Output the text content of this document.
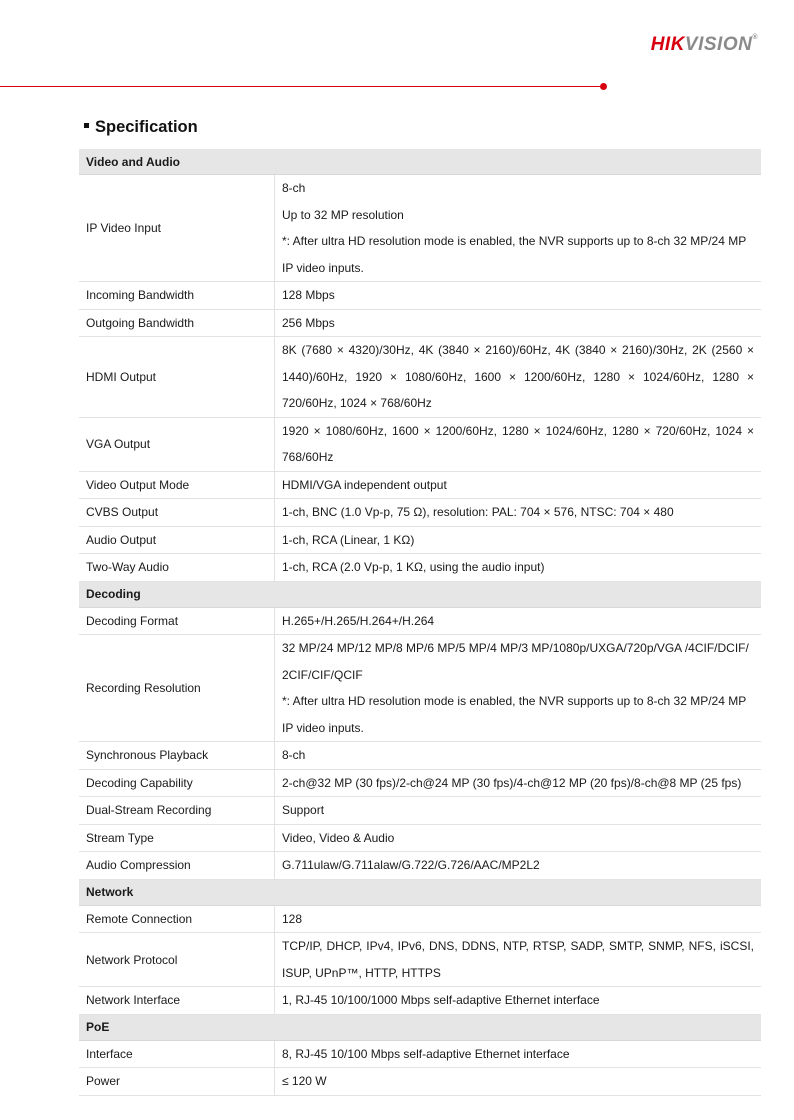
HIKVISION®
Specification
Video and Audio	
IP Video Input	8-ch
Up to 32 MP resolution
*: After ultra HD resolution mode is enabled, the NVR supports up to 8-ch 32 MP/24 MP IP video inputs.

Incoming Bandwidth	128 Mbps
Outgoing Bandwidth	256 Mbps
HDMI Output	8K (7680 × 4320)/30Hz, 4K (3840 × 2160)/60Hz, 4K (3840 × 2160)/30Hz, 2K (2560 × 1440)/60Hz, 1920 × 1080/60Hz, 1600 × 1200/60Hz, 1280 × 1024/60Hz, 1280 × 720/60Hz, 1024 × 768/60Hz
VGA Output	1920 × 1080/60Hz, 1600 × 1200/60Hz, 1280 × 1024/60Hz, 1280 × 720/60Hz, 1024 × 768/60Hz
Video Output Mode	HDMI/VGA independent output
CVBS Output	1-ch, BNC (1.0 Vp-p, 75 Ω), resolution: PAL: 704 × 576, NTSC: 704 × 480
Audio Output	1-ch, RCA (Linear, 1 KΩ)
Two-Way Audio	1-ch, RCA (2.0 Vp-p, 1 KΩ, using the audio input)
Decoding	
Decoding Format	H.265+/H.265/H.264+/H.264
Recording Resolution	32 MP/24 MP/12 MP/8 MP/6 MP/5 MP/4 MP/3 MP/1080p/UXGA/720p/VGA /4CIF/DCIF/
2CIF/CIF/QCIF
*: After ultra HD resolution mode is enabled, the NVR supports up to 8-ch 32 MP/24 MP IP video inputs.

Synchronous Playback	8-ch
Decoding Capability	2-ch@32 MP (30 fps)/2-ch@24 MP (30 fps)/4-ch@12 MP (20 fps)/8-ch@8 MP (25 fps)
Dual-Stream Recording	Support
Stream Type	Video, Video & Audio
Audio Compression	G.711ulaw/G.711alaw/G.722/G.726/AAC/MP2L2
Network	
Remote Connection	128
Network Protocol	TCP/IP, DHCP, IPv4, IPv6, DNS, DDNS, NTP, RTSP, SADP, SMTP, SNMP, NFS, iSCSI, ISUP, UPnP™, HTTP, HTTPS
Network Interface	1, RJ-45 10/100/1000 Mbps self-adaptive Ethernet interface
PoE	
Interface	8, RJ-45 10/100 Mbps self-adaptive Ethernet interface
Power	≤ 120 W
